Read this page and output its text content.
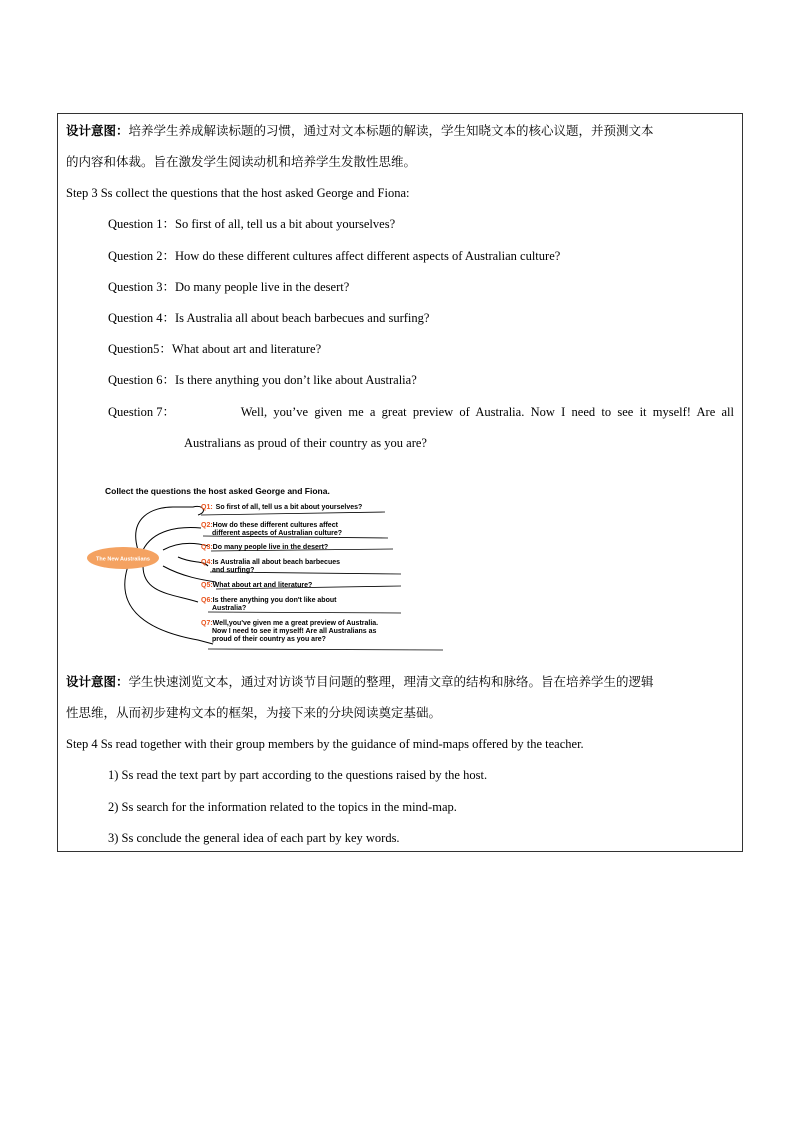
设计意图：培养学生养成解读标题的习惯，通过对文本标题的解读，学生知晓文本的核心议题，并预测文本
的内容和体裁。旨在激发学生阅读动机和培养学生发散性思维。
Step 3 Ss collect the questions that the host asked George and Fiona:
Question 1：So first of all, tell us a bit about yourselves?
Question 2：How do these different cultures affect different aspects of Australian culture?
Question 3：Do many people live in the desert?
Question 4：Is Australia all about beach barbecues and surfing?
Question5：What about art and literature?
Question 6：Is there anything you don’t like about Australia?
Question 7：	Well,  you’ve  given  me  a  great  preview  of  Australia.  Now  I  need  to  see  it  myself!  Are  all
Australians as proud of their country as you are?
Collect the questions the host asked George and Fiona.
The New Australians
Q1: So first of all, tell us a bit about yourselves?
Q2:How do these different cultures affect
different aspects of Australian culture?
Q3:Do many people live in the desert?
Q4:Is Australia all about beach barbecues
and surfing?
Q5:What about art and literature?
Q6:Is there anything you don't like about
Australia?
Q7:Well,you've given me a great preview of Australia.
Now I need to see it myself! Are all Australians as
proud of their country as you are?
设计意图：学生快速浏览文本，通过对访谈节目问题的整理，理清文章的结构和脉络。旨在培养学生的逻辑
性思维，从而初步建构文本的框架，为接下来的分块阅读奠定基础。
Step 4 Ss read together with their group members by the guidance of mind-maps offered by the teacher.
1) Ss read the text part by part according to the questions raised by the host.
2) Ss search for the information related to the topics in the mind-map.
3) Ss conclude the general idea of each part by key words.
